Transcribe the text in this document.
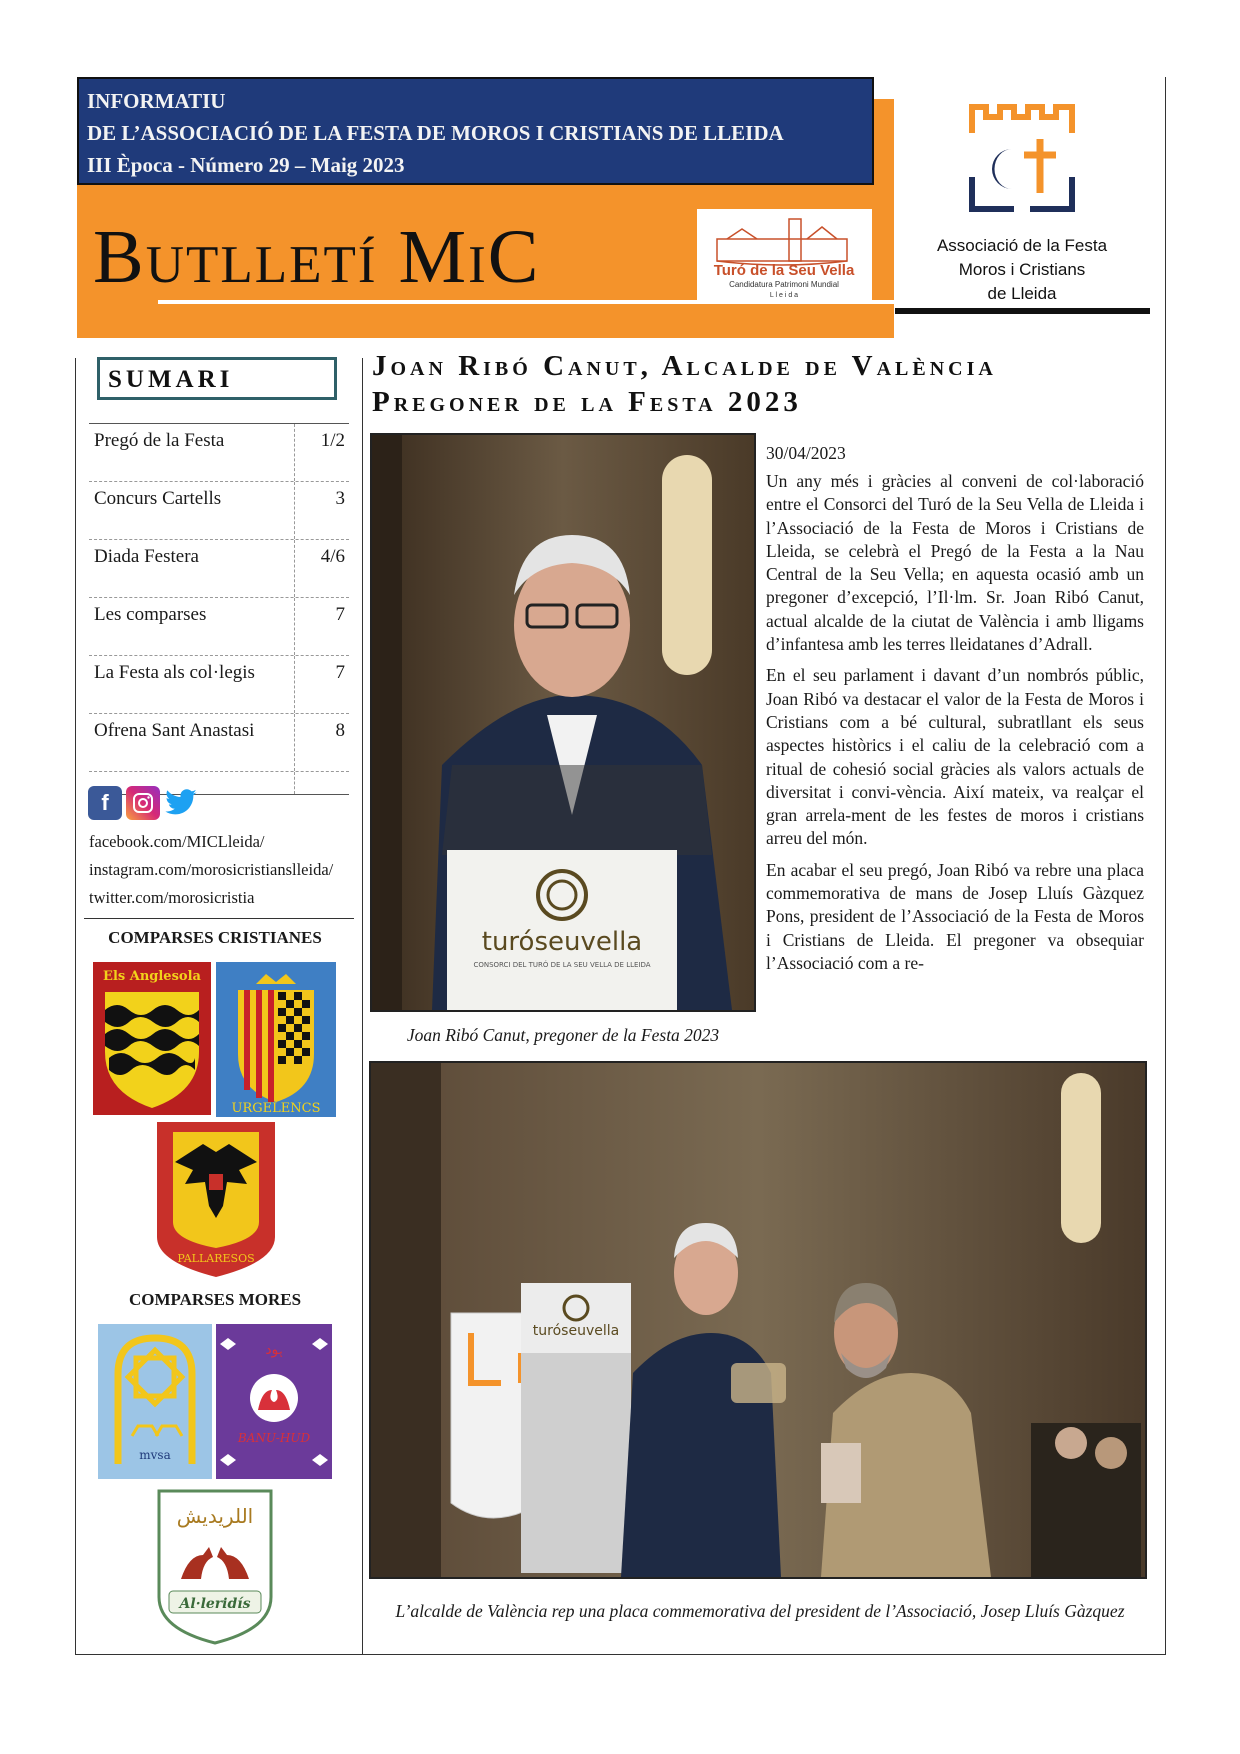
INFORMATIU
DE L’ASSOCIACIÓ DE LA FESTA DE MOROS I CRISTIANS DE LLEIDA
III Època - Número 29 – Maig 2023
Butlletí MiC	Turó de la Seu Vella
Candidatura Patrimoni Mundial
L l e i d a
Associació de la Festa
Moros i Cristians
de Lleida
SUMARI
Pregó de la Festa	1/2
Concurs Cartells	3
Diada Festera	4/6
Les comparses	7
La Festa als col·legis	7
Ofrena Sant Anastasi	8
f
facebook.com/MICLleida/
instagram.com/morosicristianslleida/
twitter.com/morosicristia
COMPARSES CRISTIANES
Els Anglesola
URGELENCS
PALLARESOS
COMPARSES MORES
mvsa
ﮨﻮﺩ
BANU-HUD
اللريديش
Al·leridís
Joan Ribó Canut, Alcalde de València
Pregoner de la Festa 2023
turóseuvella
CONSORCI DEL TURÓ DE LA SEU VELLA DE LLEIDA
Joan Ribó Canut, pregoner de la Festa 2023
30/04/2023

Un any més i gràcies al conveni de col·laboració entre el Consorci del Turó de la Seu Vella de Lleida i l’Associació de la Festa de Moros i Cristians de Lleida, se celebrà el Pregó de la Festa a la Nau Central de la Seu Vella; en aquesta ocasió amb un pregoner d’excepció, l’Il·lm. Sr. Joan Ribó Canut, actual alcalde de la ciutat de València i amb lligams d’infantesa amb les terres lleidatanes d’Adrall.

En el seu parlament i davant d’un nombrós públic, Joan Ribó va destacar el valor de la Festa de Moros i Cristians com a bé cultural, subratllant els seus aspectes històrics i el caliu de la celebració com a ritual de cohesió social gràcies als valors actuals de diversitat i convi-vència. Així mateix, va realçar el gran arrela-ment de les festes de moros i cristians arreu del món.

En acabar el seu pregó, Joan Ribó va rebre una placa commemorativa de mans de Josep Lluís Gàzquez Pons, president de l’Associació de la Festa de Moros i Cristians de Lleida. El pregoner va obsequiar l’Associació com a re-

turóseuvella
L’alcalde de València rep una placa commemorativa del president de l’Associació, Josep Lluís Gàzquez
